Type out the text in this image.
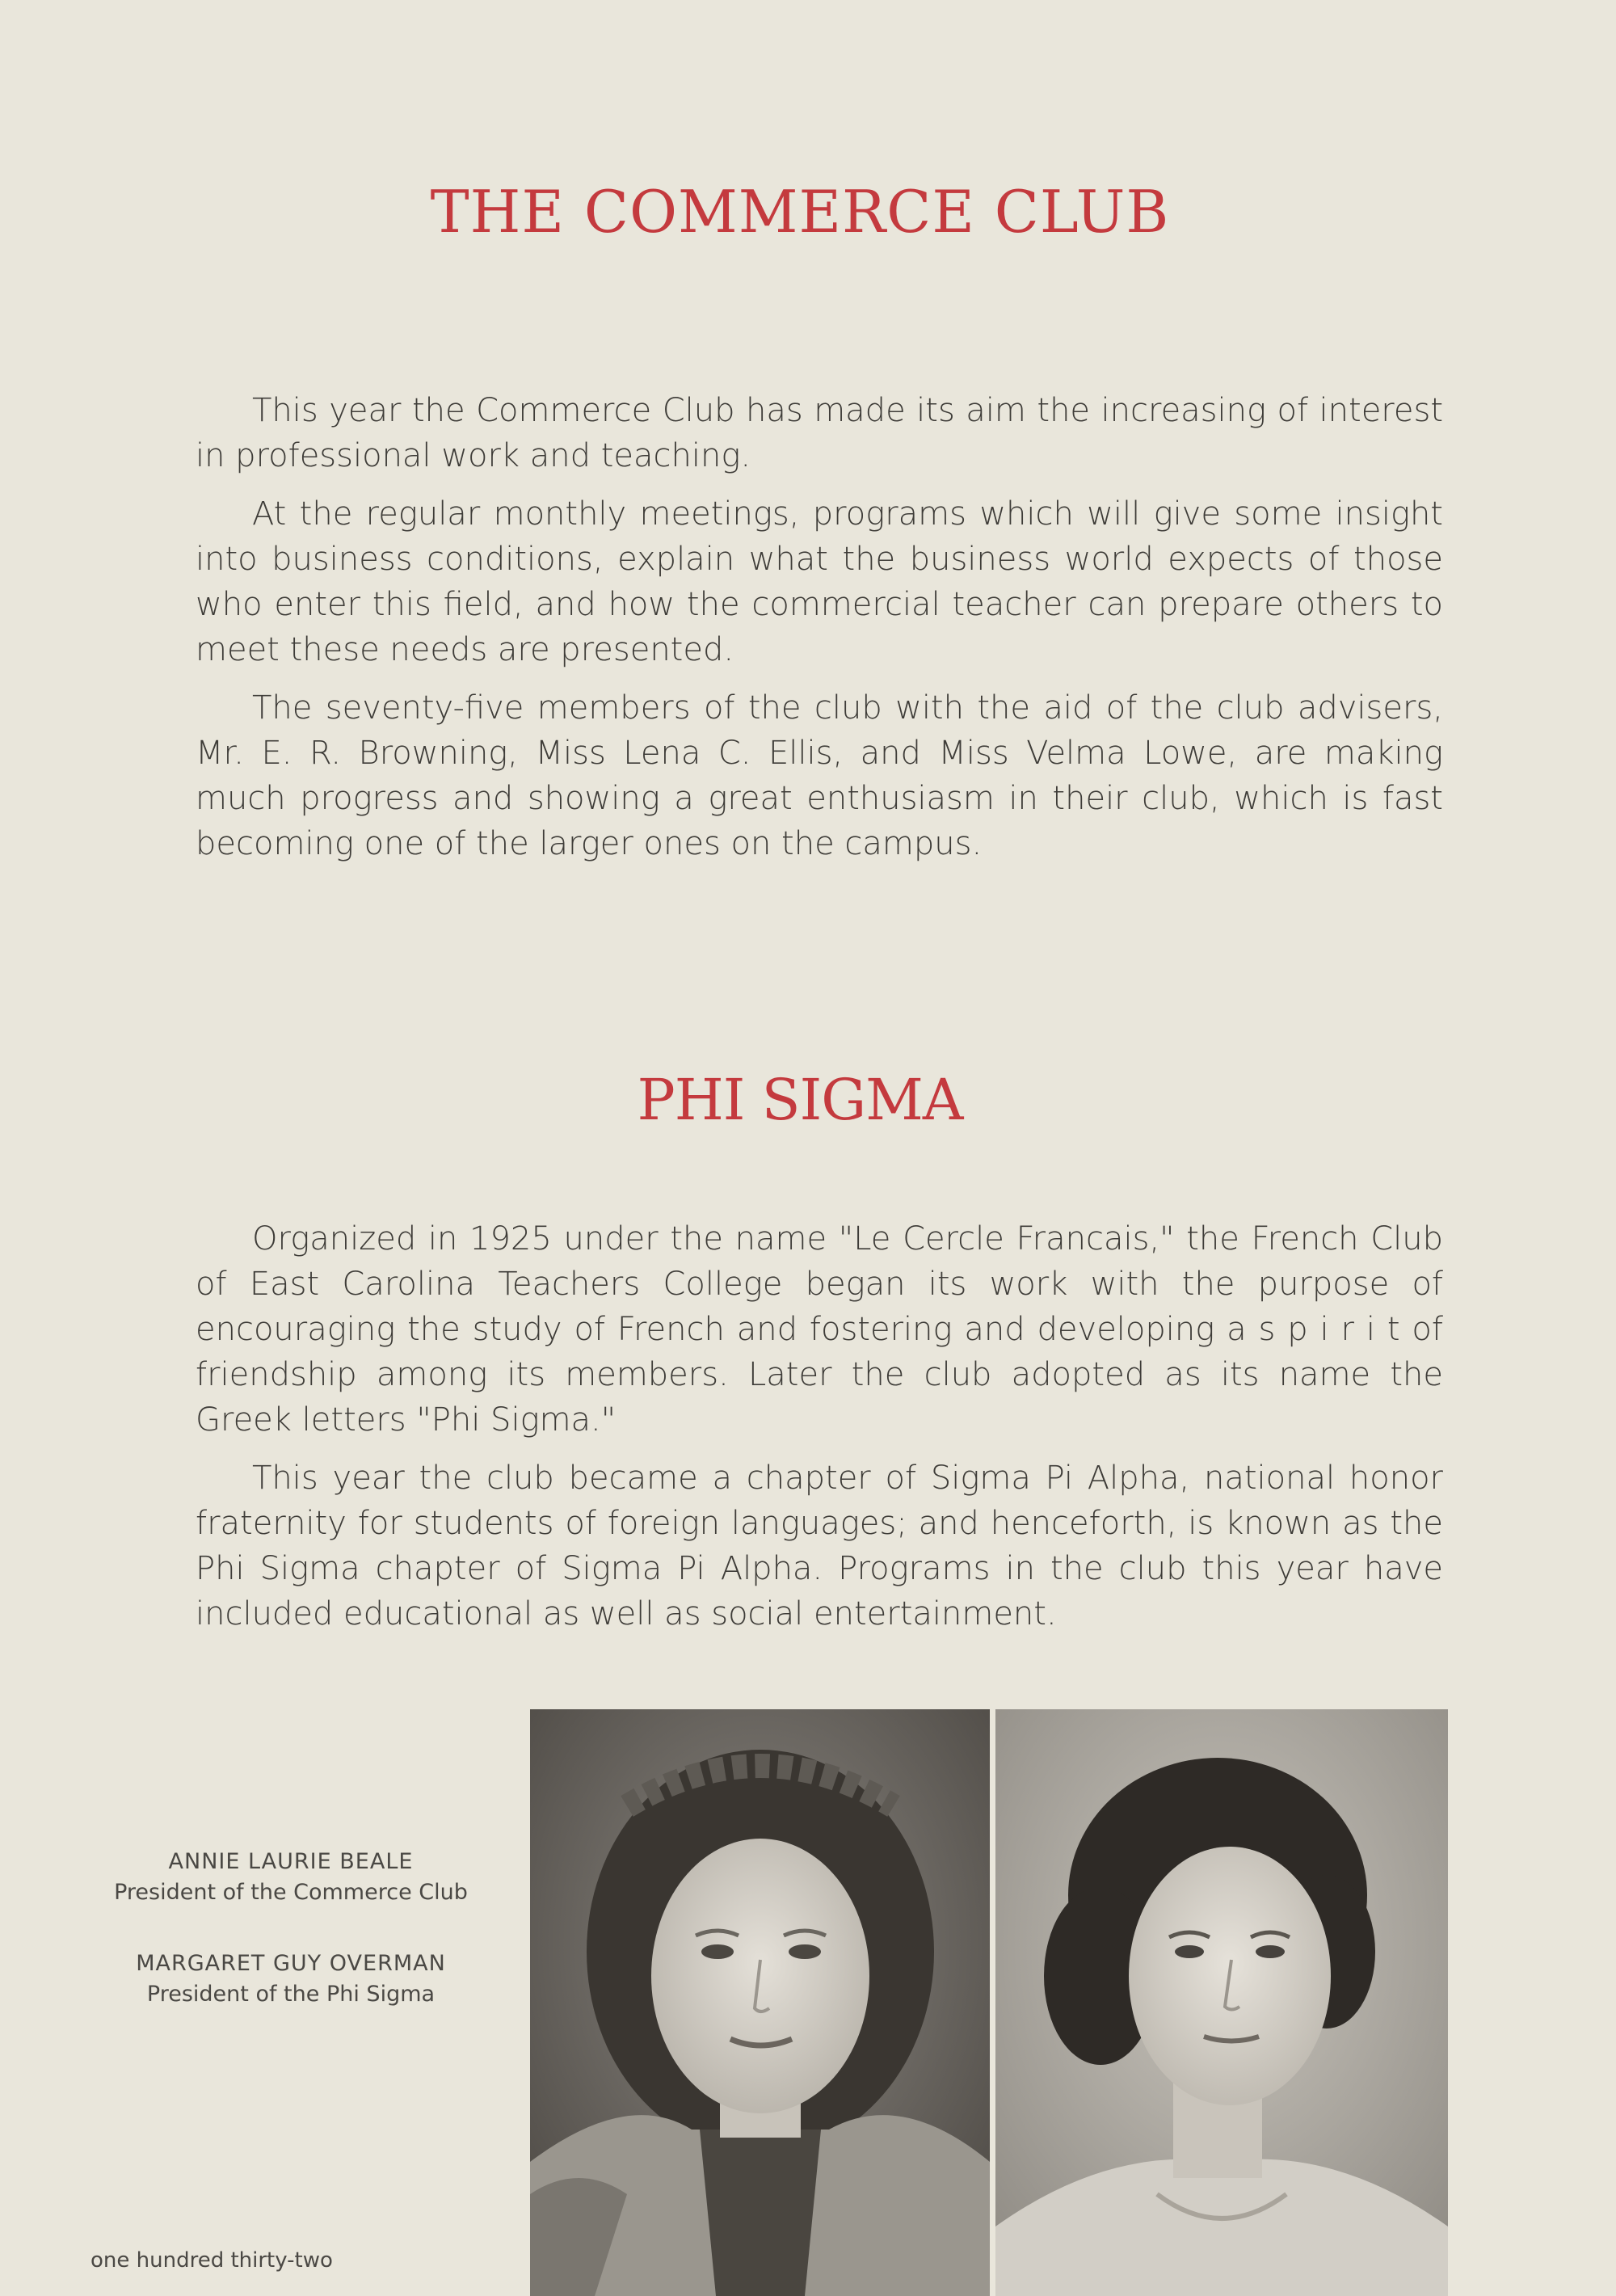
THE COMMERCE CLUB

This year the Commerce Club has made its aim the increasing of interest in professional work and teaching.

At the regular monthly meetings, programs which will give some insight into business conditions, explain what the business world expects of those who enter this field, and how the commercial teacher can prepare others to meet these needs are presented.

The seventy-five members of the club with the aid of the club advisers, Mr. E. R. Browning, Miss Lena C. Ellis, and Miss Velma Lowe, are making much progress and showing a great enthusiasm in their club, which is fast becoming one of the larger ones on the campus.

PHI SIGMA

Organized in 1925 under the name "Le Cercle Francais," the French Club of East Carolina Teachers College began its work with the purpose of encouraging the study of French and fostering and developing a s p i r i t of friendship among its members. Later the club adopted as its name the Greek letters "Phi Sigma."

This year the club became a chapter of Sigma Pi Alpha, national honor fraternity for students of foreign languages; and henceforth, is known as the Phi Sigma chapter of Sigma Pi Alpha. Programs in the club this year have included educational as well as social entertainment.

ANNIE LAURIE BEALE
President of the Commerce Club
MARGARET GUY OVERMAN
President of the Phi Sigma
one hundred thirty-two
